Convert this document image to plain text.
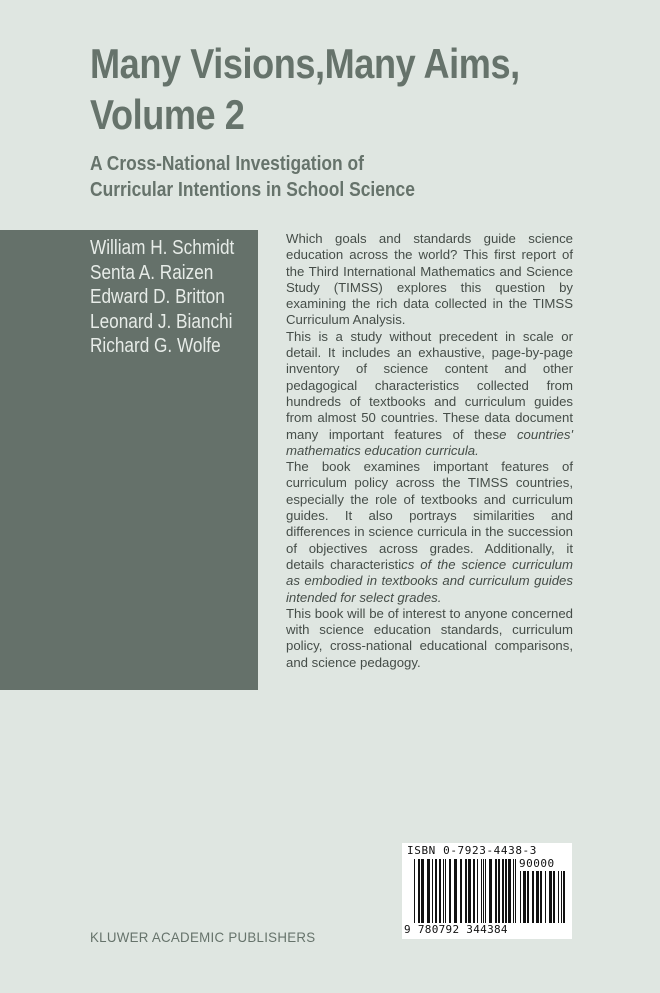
Many Visions,Many Aims,
Volume 2
A Cross-National Investigation of
Curricular Intentions in School Science
William H. Schmidt
Senta A. Raizen
Edward D. Britton
Leonard J. Bianchi
Richard G. Wolfe

Which goals and standards guide science education across the world? This first report of the Third International Mathematics and Science Study (TIMSS) explores this question by examining the rich data collected in the TIMSS Curriculum Analysis.

This is a study without precedent in scale or detail. It includes an exhaustive, page-by-page inventory of science content and other pedagogical characteristics collected from hundreds of textbooks and curriculum guides from almost 50 countries. These data document many important features of these countries' mathematics education curricula.

The book examines important features of curriculum policy across the TIMSS countries, especially the role of textbooks and curriculum guides. It also portrays similarities and differences in science curricula in the succession of objectives across grades. Additionally, it details characteristics of the science curriculum as embodied in textbooks and curriculum guides intended for select grades.

This book will be of interest to anyone concerned with science education standards, curriculum policy, cross-national educational comparisons, and science pedagogy.

ISBN 0-7923-4438-3
90000
9 780792 344384
KLUWER ACADEMIC PUBLISHERS
